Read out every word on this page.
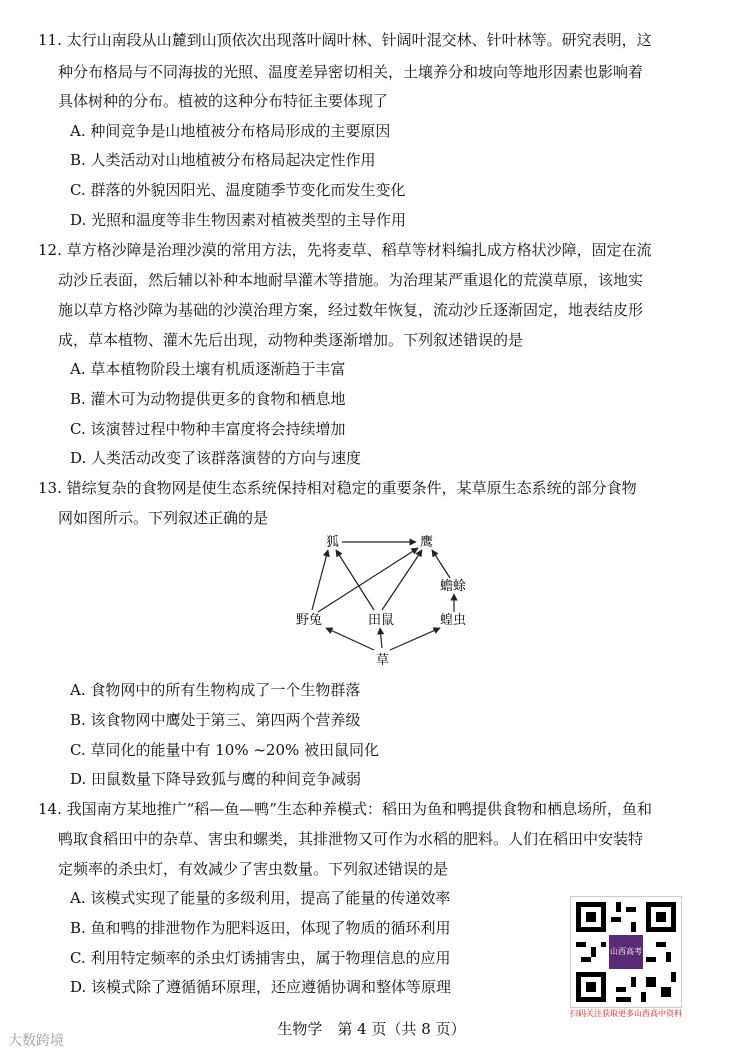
11. 太行山南段从山麓到山顶依次出现落叶阔叶林、针阔叶混交林、针叶林等。研究表明，这
种分布格局与不同海拔的光照、温度差异密切相关，土壤养分和坡向等地形因素也影响着
具体树种的分布。植被的这种分布特征主要体现了
A. 种间竞争是山地植被分布格局形成的主要原因
B. 人类活动对山地植被分布格局起决定性作用
C. 群落的外貌因阳光、温度随季节变化而发生变化
D. 光照和温度等非生物因素对植被类型的主导作用
12. 草方格沙障是治理沙漠的常用方法，先将麦草、稻草等材料编扎成方格状沙障，固定在流
动沙丘表面，然后辅以补种本地耐旱灌木等措施。为治理某严重退化的荒漠草原，该地实
施以草方格沙障为基础的沙漠治理方案，经过数年恢复，流动沙丘逐渐固定，地表结皮形
成，草本植物、灌木先后出现，动物种类逐渐增加。下列叙述错误的是
A. 草本植物阶段土壤有机质逐渐趋于丰富
B. 灌木可为动物提供更多的食物和栖息地
C. 该演替过程中物种丰富度将会持续增加
D. 人类活动改变了该群落演替的方向与速度
13. 错综复杂的食物网是使生态系统保持相对稳定的重要条件，某草原生态系统的部分食物
网如图所示。下列叙述正确的是
狐	鹰
蟾蜍
野兔	田鼠	蝗虫
草
A. 食物网中的所有生物构成了一个生物群落
B. 该食物网中鹰处于第三、第四两个营养级
C. 草同化的能量中有 10% ~20% 被田鼠同化
D. 田鼠数量下降导致狐与鹰的种间竞争减弱
14. 我国南方某地推广“稻—鱼—鸭”生态种养模式：稻田为鱼和鸭提供食物和栖息场所，鱼和
鸭取食稻田中的杂草、害虫和螺类，其排泄物又可作为水稻的肥料。人们在稻田中安装特
定频率的杀虫灯，有效减少了害虫数量。下列叙述错误的是
A. 该模式实现了能量的多级利用，提高了能量的传递效率
B. 鱼和鸭的排泄物作为肥料返田，体现了物质的循环利用
C. 利用特定频率的杀虫灯诱捕害虫，属于物理信息的应用
D. 该模式除了遵循循环原理，还应遵循协调和整体等原理
山西高考
扫码关注获取更多山西高中资料
生物学　第 4 页（共 8 页）
大数跨境
